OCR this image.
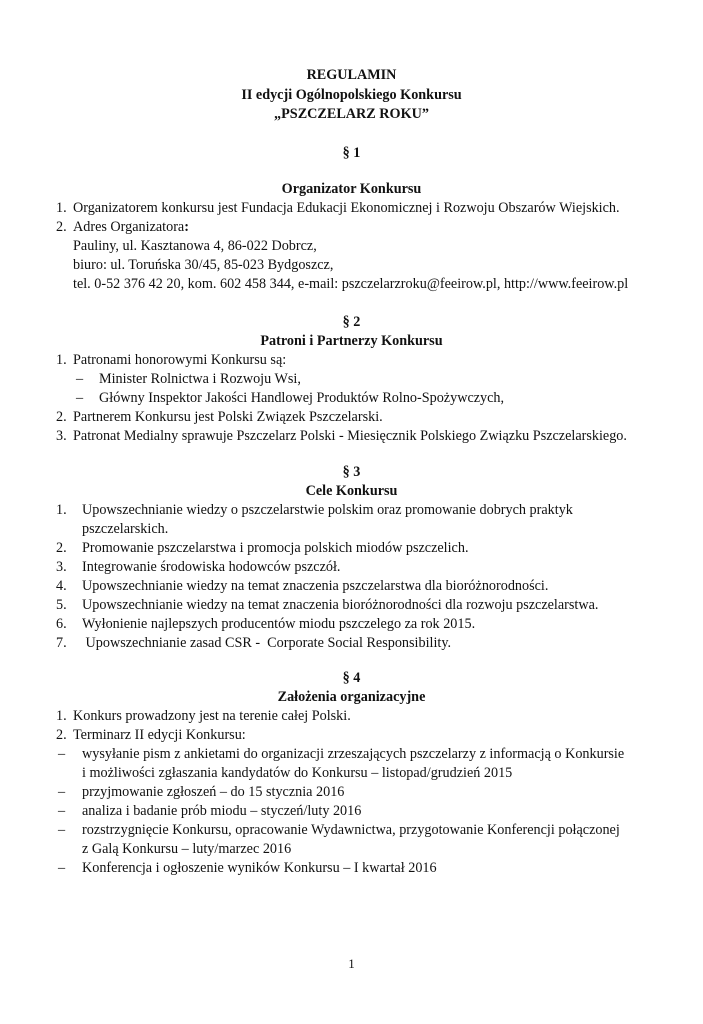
REGULAMIN
II edycji Ogólnopolskiego Konkursu
„PSZCZELARZ ROKU”
§ 1
Organizator Konkursu
1. Organizatorem konkursu jest Fundacja Edukacji Ekonomicznej i Rozwoju Obszarów Wiejskich.
2. Adres Organizatora:
Pauliny, ul. Kasztanowa 4, 86-022 Dobrcz,
biuro: ul. Toruńska 30/45, 85-023 Bydgoszcz,
tel. 0-52 376 42 20, kom. 602 458 344, e-mail: pszczelarzroku@feeirow.pl, http://www.feeirow.pl
§ 2
Patroni i Partnerzy Konkursu
1. Patronami honorowymi Konkursu są:
– Minister Rolnictwa i Rozwoju Wsi,
– Główny Inspektor Jakości Handlowej Produktów Rolno-Spożywczych,
2. Partnerem Konkursu jest Polski Związek Pszczelarski.
3. Patronat Medialny sprawuje Pszczelarz Polski - Miesięcznik Polskiego Związku Pszczelarskiego.
§ 3
Cele Konkursu
1. Upowszechnianie wiedzy o pszczelarstwie polskim oraz promowanie dobrych praktyk
pszczelarskich.
2. Promowanie pszczelarstwa i promocja polskich miodów pszczelich.
3. Integrowanie środowiska hodowców pszczół.
4. Upowszechnianie wiedzy na temat znaczenia pszczelarstwa dla bioróżnorodności.
5. Upowszechnianie wiedzy na temat znaczenia bioróżnorodności dla rozwoju pszczelarstwa.
6. Wyłonienie najlepszych producentów miodu pszczelego za rok 2015.
7. Upowszechnianie zasad CSR -  Corporate Social Responsibility.
§ 4
Założenia organizacyjne
1. Konkurs prowadzony jest na terenie całej Polski.
2. Terminarz II edycji Konkursu:
– wysyłanie pism z ankietami do organizacji zrzeszających pszczelarzy z informacją o Konkursie
i możliwości zgłaszania kandydatów do Konkursu – listopad/grudzień 2015
– przyjmowanie zgłoszeń – do 15 stycznia 2016
– analiza i badanie prób miodu – styczeń/luty 2016
– rozstrzygnięcie Konkursu, opracowanie Wydawnictwa, przygotowanie Konferencji połączonej
z Galą Konkursu – luty/marzec 2016
– Konferencja i ogłoszenie wyników Konkursu – I kwartał 2016
1
